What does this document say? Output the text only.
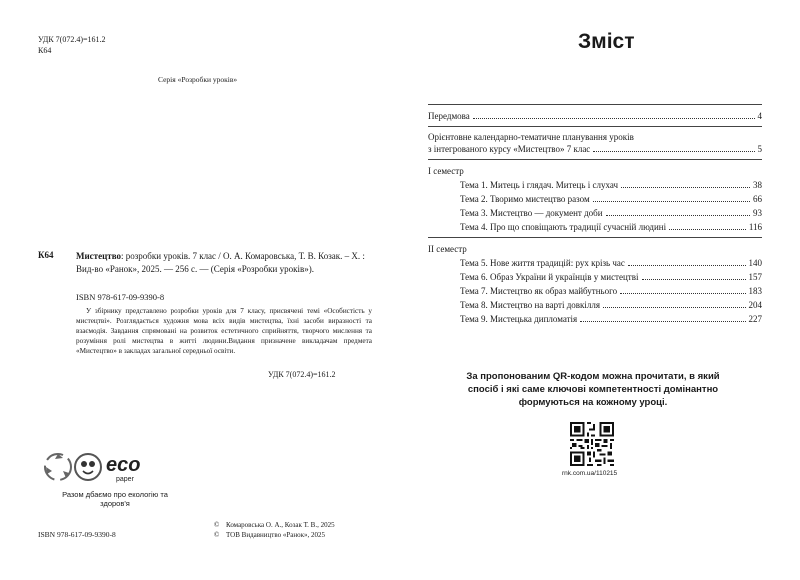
УДК 7(072.4)=161.2
К64
Серія «Розробки уроків»
К64 Мистецтво: розробки уроків. 7 клас / О. А. Комаровська, Т. В. Козак. – Х. : Вид-во «Ранок», 2025. — 256 с. — (Серія «Розробки уроків»).
ISBN 978-617-09-9390-8
У збірнику представлено розробки уроків для 7 класу, присвячені темі «Особистість у мистецтві». Розглядається художня мова всіх видів мистецтва, їхні засоби виразності та взаємодія. Завдання спрямовані на розвиток естетичного сприйняття, творчого мислення та розуміння ролі мистецтва в житті людини.Видання призначене викладачам предмета «Мистецтво» в закладах загальної середньої освіти.
УДК 7(072.4)=161.2
eco
paper
Разом дбаємо про екологію та здоров'я
ISBN 978-617-09-9390-8
© Комаровська О. А., Козак Т. В., 2025
© ТОВ Видавництво «Ранок», 2025
Зміст
Передмова	4
Орієнтовне календарно-тематичне планування уроків
з інтегрованого курсу «Мистецтво» 7 клас	5
І семестр
Тема 1. Митець і глядач. Митець і слухач	38
Тема 2. Творимо мистецтво разом	66
Тема 3. Мистецтво — документ доби	93
Тема 4. Про що сповіщають традиції сучасній людині	116
ІІ семестр
Тема 5. Нове життя традицій: рух крізь час	140
Тема 6. Образ України й українців у мистецтві	157
Тема 7. Мистецтво як образ майбутнього	183
Тема 8. Мистецтво на варті довкілля	204
Тема 9. Мистецька дипломатія	227
За пропонованим QR-кодом можна прочитати, в який спосіб і які саме ключові компетентності домінантно формуються на кожному уроці.
rnk.com.ua/110215
